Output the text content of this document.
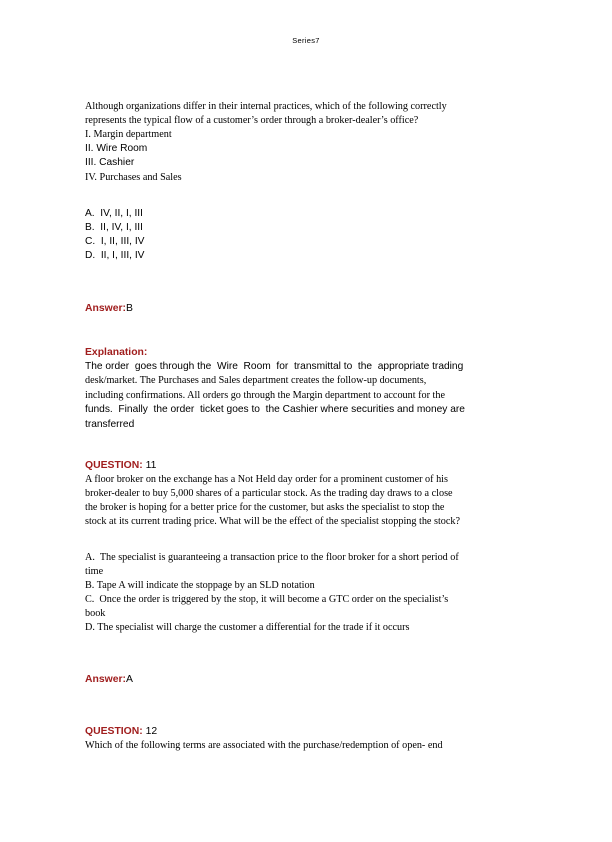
Series7
Although organizations differ in their internal practices, which of the following correctly
represents the typical flow of a customer’s order through a broker-dealer’s office?
I. Margin department
II. Wire Room
III. Cashier
IV. Purchases and Sales
A.  IV, II, I, III
B.  II, IV, I, III
C.  I, II, III, IV
D.  II, I, III, IV
Answer:B
Explanation:
The order  goes through the  Wire  Room  for  transmittal to  the  appropriate trading
desk/market. The Purchases and Sales department creates the follow-up documents,
including confirmations. All orders go through the Margin department to account for the
funds.  Finally  the order  ticket goes to  the Cashier where securities and money are
transferred
QUESTION: 11
A floor broker on the exchange has a Not Held day order for a prominent customer of his
broker-dealer to buy 5,000 shares of a particular stock. As the trading day draws to a close
the broker is hoping for a better price for the customer, but asks the specialist to stop the
stock at its current trading price. What will be the effect of the specialist stopping the stock?
A.  The specialist is guaranteeing a transaction price to the floor broker for a short period of
time
B. Tape A will indicate the stoppage by an SLD notation
C.  Once the order is triggered by the stop, it will become a GTC order on the specialist’s
book
D. The specialist will charge the customer a differential for the trade if it occurs
Answer:A
QUESTION: 12
Which of the following terms are associated with the purchase/redemption of open- end
